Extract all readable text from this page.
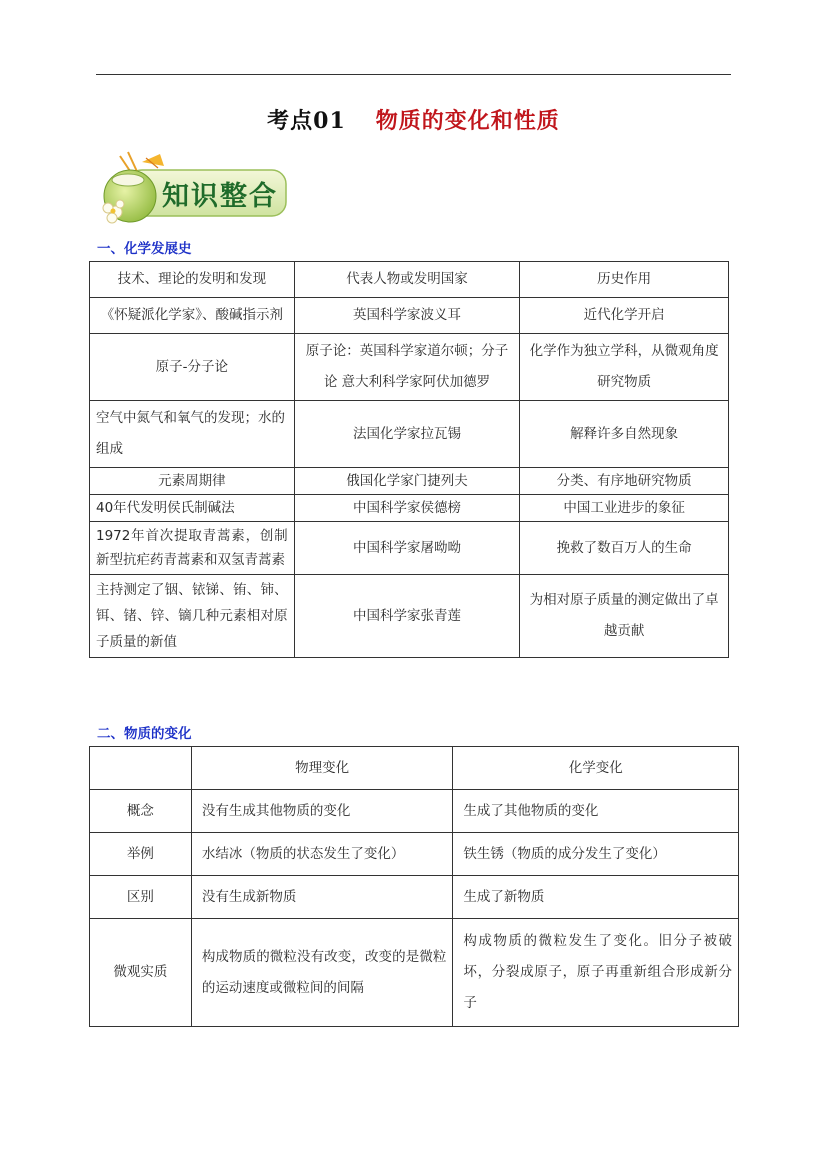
考点01 物质的变化和性质
知识整合
一、化学发展史
技术、理论的发明和发现	代表人物或发明国家	历史作用
《怀疑派化学家》、酸碱指示剂	英国科学家波义耳	近代化学开启
原子-分子论	原子论：英国科学家道尔顿；分子论 意大利科学家阿伏加德罗	化学作为独立学科，从微观角度研究物质
空气中氮气和氧气的发现；水的组成	法国化学家拉瓦锡	解释许多自然现象
元素周期律	俄国化学家门捷列夫	分类、有序地研究物质
40年代发明侯氏制碱法	中国科学家侯德榜	中国工业进步的象征
1972年首次提取青蒿素，创制新型抗疟药青蒿素和双氢青蒿素	中国科学家屠呦呦	挽救了数百万人的生命
主持测定了铟、铱锑、铕、铈、铒、锗、锌、镝几种元素相对原子质量的新值	中国科学家张青莲	为相对原子质量的测定做出了卓越贡献
二、物质的变化
	物理变化	化学变化
概念	没有生成其他物质的变化	生成了其他物质的变化
举例	水结冰（物质的状态发生了变化）	铁生锈（物质的成分发生了变化）
区别	没有生成新物质	生成了新物质
微观实质	构成物质的微粒没有改变，改变的是微粒的运动速度或微粒间的间隔	构成物质的微粒发生了变化。旧分子被破坏，分裂成原子，原子再重新组合形成新分子
